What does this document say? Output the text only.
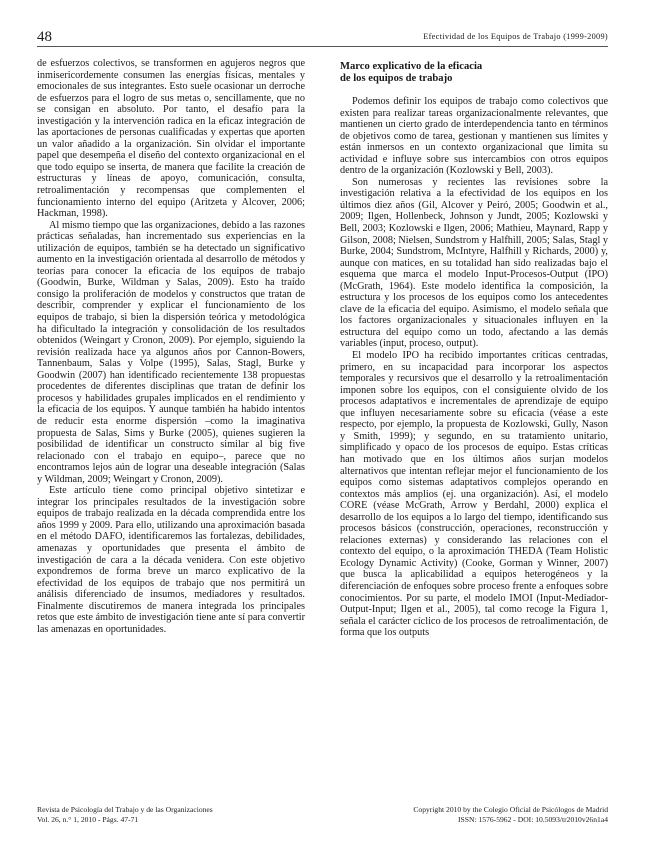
48	Efectividad de los Equipos de Trabajo (1999-2009)

de esfuerzos colectivos, se transformen en agujeros negros que inmisericordemente consumen las energías físicas, mentales y emocionales de sus integrantes. Esto suele ocasionar un derroche de esfuerzos para el logro de sus metas o, sencillamente, que no se consigan en absoluto. Por tanto, el desafío para la investigación y la intervención radica en la eficaz integración de las aportaciones de personas cualificadas y expertas que aporten un valor añadido a la organización. Sin olvidar el importante papel que desempeña el diseño del contexto organizacional en el que todo equipo se inserta, de manera que facilite la creación de estructuras y líneas de apoyo, comunicación, consulta, retroalimentación y recompensas que complementen el funcionamiento interno del equipo (Aritzeta y Alcover, 2006; Hackman, 1998).

Al mismo tiempo que las organizaciones, debido a las razones prácticas señaladas, han incrementado sus experiencias en la utilización de equipos, también se ha detectado un significativo aumento en la investigación orientada al desarrollo de métodos y teorías para conocer la eficacia de los equipos de trabajo (Goodwin, Burke, Wildman y Salas, 2009). Esto ha traído consigo la proliferación de modelos y constructos que tratan de describir, comprender y explicar el funcionamiento de los equipos de trabajo, si bien la dispersión teórica y metodológica ha dificultado la integración y consolidación de los resultados obtenidos (Weingart y Cronon, 2009). Por ejemplo, siguiendo la revisión realizada hace ya algunos años por Cannon-Bowers, Tannenbaum, Salas y Volpe (1995), Salas, Stagl, Burke y Goodwin (2007) han identificado recientemente 138 propuestas procedentes de diferentes disciplinas que tratan de definir los procesos y habilidades grupales implicados en el rendimiento y la eficacia de los equipos. Y aunque también ha habido intentos de reducir esta enorme dispersión –como la imaginativa propuesta de Salas, Sims y Burke (2005), quienes sugieren la posibilidad de identificar un constructo similar al big five relacionado con el trabajo en equipo–, parece que no encontramos lejos aún de lograr una deseable integración (Salas y Wildman, 2009; Weingart y Cronon, 2009).

Este artículo tiene como principal objetivo sintetizar e integrar los principales resultados de la investigación sobre equipos de trabajo realizada en la década comprendida entre los años 1999 y 2009. Para ello, utilizando una aproximación basada en el método DAFO, identificaremos las fortalezas, debilidades, amenazas y oportunidades que presenta el ámbito de investigación de cara a la década venidera. Con este objetivo expondremos de forma breve un marco explicativo de la efectividad de los equipos de trabajo que nos permitirá un análisis diferenciado de insumos, mediadores y resultados. Finalmente discutiremos de manera integrada los principales retos que este ámbito de investigación tiene ante sí para convertir las amenazas en oportunidades.

Marco explicativo de la eficacia
de los equipos de trabajo

Podemos definir los equipos de trabajo como colectivos que existen para realizar tareas organizacionalmente relevantes, que mantienen un cierto grado de interdependencia tanto en términos de objetivos como de tarea, gestionan y mantienen sus límites y están inmersos en un contexto organizacional que limita su actividad e influye sobre sus intercambios con otros equipos dentro de la organización (Kozlowski y Bell, 2003).

Son numerosas y recientes las revisiones sobre la investigación relativa a la efectividad de los equipos en los últimos diez años (Gil, Alcover y Peiró, 2005; Goodwin et al., 2009; Ilgen, Hollenbeck, Johnson y Jundt, 2005; Kozlowski y Bell, 2003; Kozlowski e Ilgen, 2006; Mathieu, Maynard, Rapp y Gilson, 2008; Nielsen, Sundstrom y Halfhill, 2005; Salas, Stagl y Burke, 2004; Sundstrom, McIntyre, Halfhill y Richards, 2000) y, aunque con matices, en su totalidad han sido realizadas bajo el esquema que marca el modelo Input-Procesos-Output (IPO) (McGrath, 1964). Este modelo identifica la composición, la estructura y los procesos de los equipos como los antecedentes clave de la eficacia del equipo. Asimismo, el modelo señala que los factores organizacionales y situacionales influyen en la estructura del equipo como un todo, afectando a las demás variables (input, proceso, output).

El modelo IPO ha recibido importantes críticas centradas, primero, en su incapacidad para incorporar los aspectos temporales y recursivos que el desarrollo y la retroalimentación imponen sobre los equipos, con el consiguiente olvido de los procesos adaptativos e incrementales de aprendizaje de equipo que influyen necesariamente sobre su eficacia (véase a este respecto, por ejemplo, la propuesta de Kozlowski, Gully, Nason y Smith, 1999); y segundo, en su tratamiento unitario, simplificado y opaco de los procesos de equipo. Estas críticas han motivado que en los últimos años surjan modelos alternativos que intentan reflejar mejor el funcionamiento de los equipos como sistemas adaptativos complejos operando en contextos más amplios (ej. una organización). Así, el modelo CORE (véase McGrath, Arrow y Berdahl, 2000) explica el desarrollo de los equipos a lo largo del tiempo, identificando sus procesos básicos (construcción, operaciones, reconstrucción y relaciones externas) y considerando las relaciones con el contexto del equipo, o la aproximación THEDA (Team Holistic Ecology Dynamic Activity) (Cooke, Gorman y Winner, 2007) que busca la aplicabilidad a equipos heterogéneos y la diferenciación de enfoques sobre proceso frente a enfoques sobre conocimientos. Por su parte, el modelo IMOI (Input-Mediador-Output-Input; Ilgen et al., 2005), tal como recoge la Figura 1, señala el carácter cíclico de los procesos de retroalimentación, de forma que los outputs

Revista de Psicología del Trabajo y de las Organizaciones
Vol. 26, n.° 1, 2010 - Págs. 47-71
Copyright 2010 by the Colegio Oficial de Psicólogos de Madrid
ISSN: 1576-5962 - DOI: 10.5093/tr2010v26n1a4
